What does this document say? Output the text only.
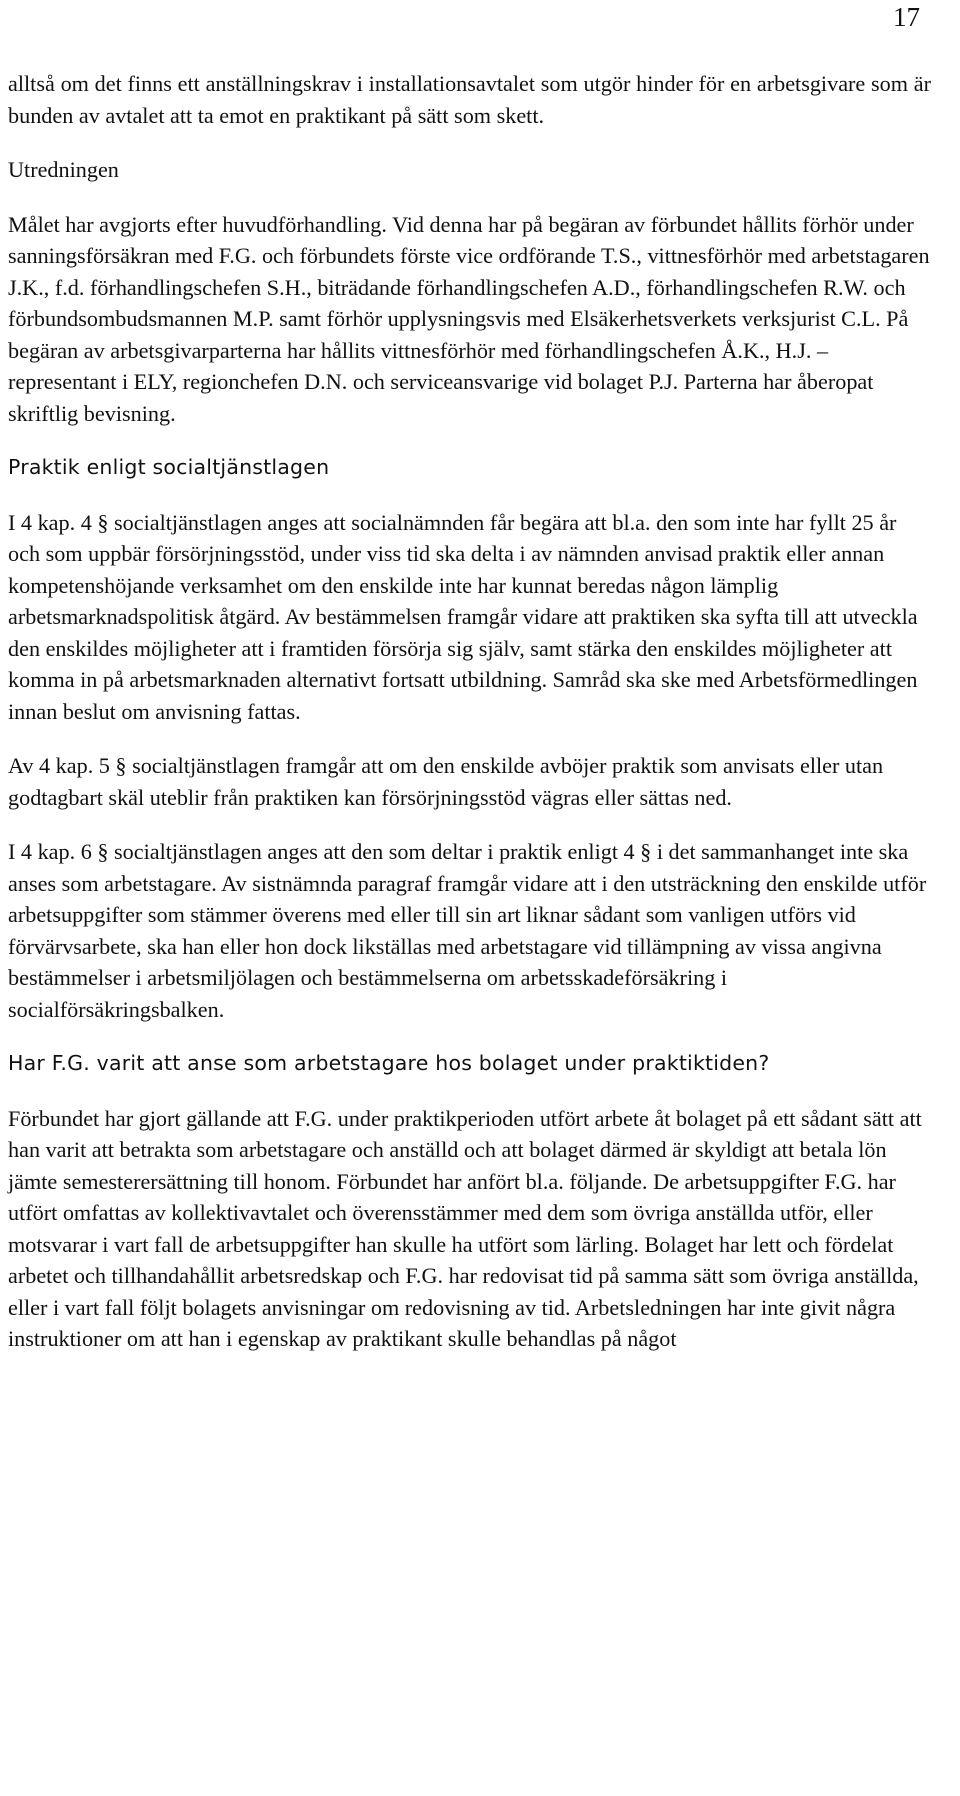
17

alltså om det finns ett anställningskrav i installationsavtalet som utgör hinder för en arbetsgivare som är bunden av avtalet att ta emot en praktikant på sätt som skett.

Utredningen

Målet har avgjorts efter huvudförhandling. Vid denna har på begäran av förbundet hållits förhör under sanningsförsäkran med F.G. och förbundets förste vice ordförande T.S., vittnesförhör med arbetstagaren J.K., f.d. förhandlingschefen S.H., biträdande förhandlingschefen A.D., förhandlingschefen R.W. och förbundsombudsmannen M.P. samt förhör upplysningsvis med Elsäkerhetsverkets verksjurist C.L. På begäran av arbetsgivarparterna har hållits vittnesförhör med förhandlingschefen Å.K., H.J. – representant i ELY, regionchefen D.N. och serviceansvarige vid bolaget P.J. Parterna har åberopat skriftlig bevisning.

Praktik enligt socialtjänstlagen

I 4 kap. 4 § socialtjänstlagen anges att socialnämnden får begära att bl.a. den som inte har fyllt 25 år och som uppbär försörjningsstöd, under viss tid ska delta i av nämnden anvisad praktik eller annan kompetenshöjande verksamhet om den enskilde inte har kunnat beredas någon lämplig arbetsmarknadspolitisk åtgärd. Av bestämmelsen framgår vidare att praktiken ska syfta till att utveckla den enskildes möjligheter att i framtiden försörja sig själv, samt stärka den enskildes möjligheter att komma in på arbetsmarknaden alternativt fortsatt utbildning. Samråd ska ske med Arbetsförmedlingen innan beslut om anvisning fattas.

Av 4 kap. 5 § socialtjänstlagen framgår att om den enskilde avböjer praktik som anvisats eller utan godtagbart skäl uteblir från praktiken kan försörjningsstöd vägras eller sättas ned.

I 4 kap. 6 § socialtjänstlagen anges att den som deltar i praktik enligt 4 § i det sammanhanget inte ska anses som arbetstagare. Av sistnämnda paragraf framgår vidare att i den utsträckning den enskilde utför arbetsuppgifter som stämmer överens med eller till sin art liknar sådant som vanligen utförs vid förvärvsarbete, ska han eller hon dock likställas med arbetstagare vid tillämpning av vissa angivna bestämmelser i arbetsmiljölagen och bestämmelserna om arbetsskadeförsäkring i socialförsäkringsbalken.

Har F.G. varit att anse som arbetstagare hos bolaget under praktiktiden?

Förbundet har gjort gällande att F.G. under praktikperioden utfört arbete åt bolaget på ett sådant sätt att han varit att betrakta som arbetstagare och anställd och att bolaget därmed är skyldigt att betala lön jämte semesterersättning till honom. Förbundet har anfört bl.a. följande. De arbetsuppgifter F.G. har utfört omfattas av kollektivavtalet och överensstämmer med dem som övriga anställda utför, eller motsvarar i vart fall de arbetsuppgifter han skulle ha utfört som lärling. Bolaget har lett och fördelat arbetet och tillhandahållit arbetsredskap och F.G. har redovisat tid på samma sätt som övriga anställda, eller i vart fall följt bolagets anvisningar om redovisning av tid. Arbetsledningen har inte givit några instruktioner om att han i egenskap av praktikant skulle behandlas på något
